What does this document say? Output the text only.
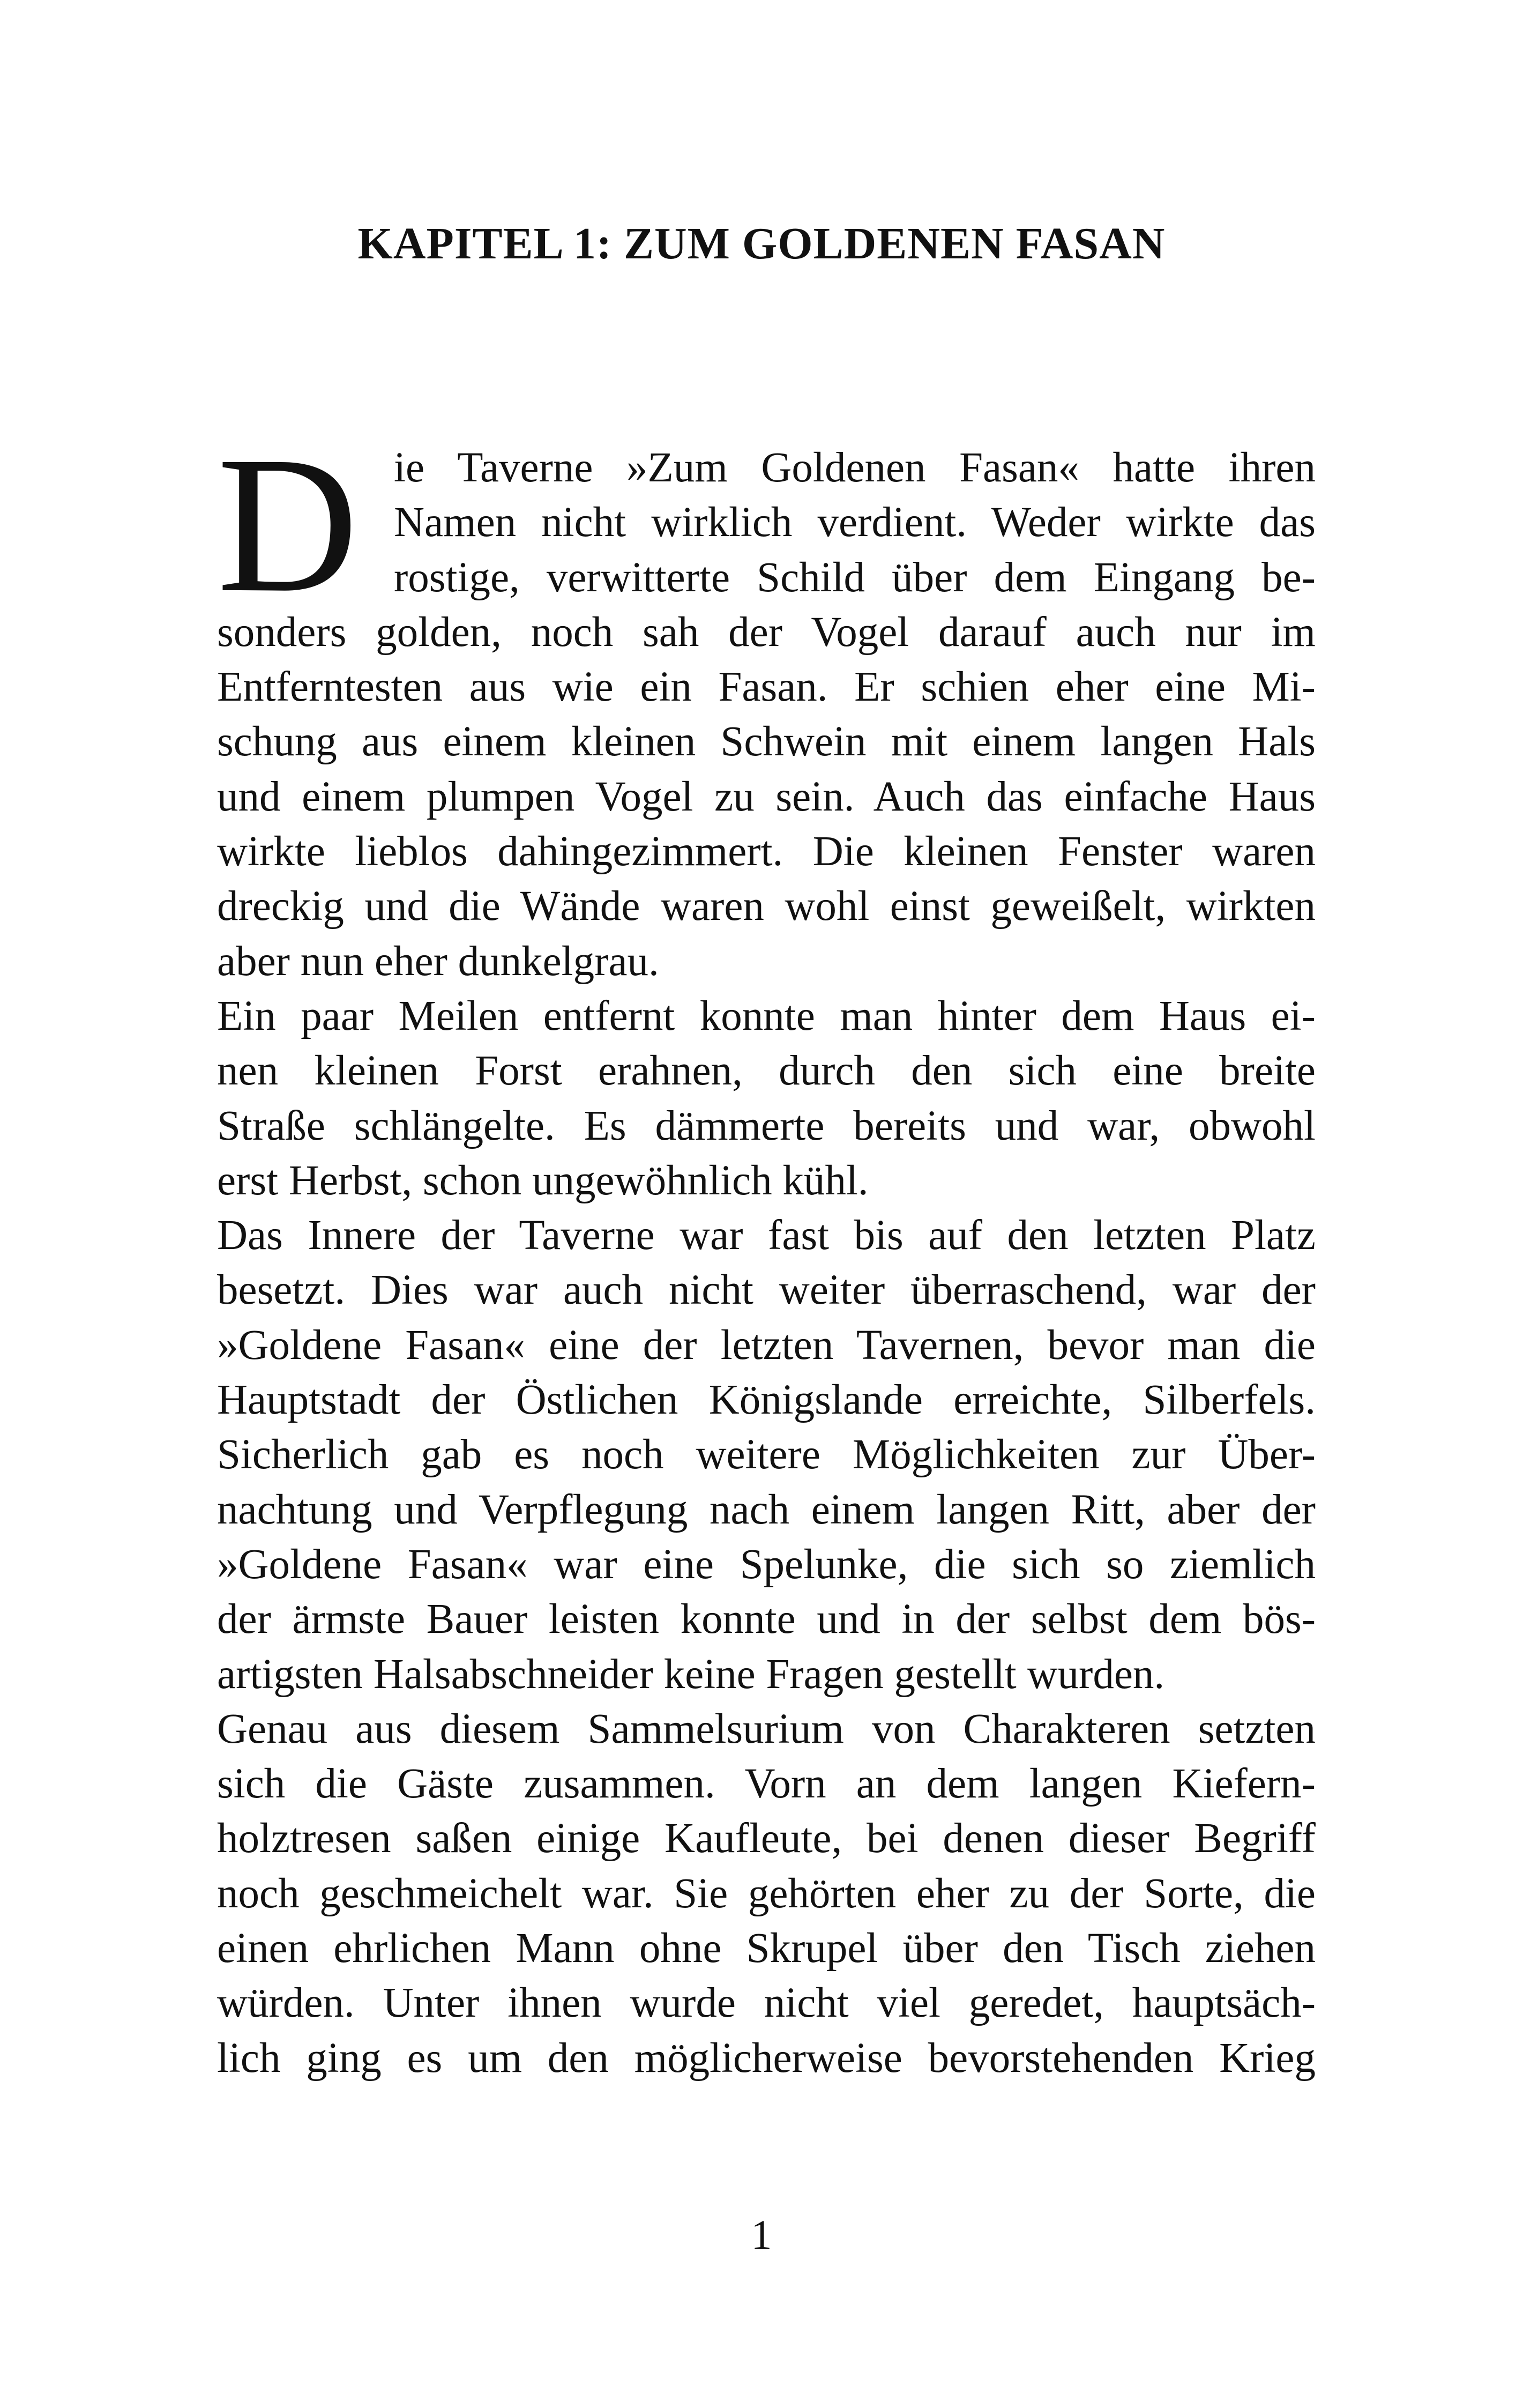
KAPITEL 1: ZUM GOLDENEN FASAN
D ie Taverne »Zum Goldenen Fasan« hatte ihren
Namen nicht wirklich verdient. Weder wirkte das
rostige, verwitterte Schild über dem Eingang be-
sonders golden, noch sah der Vogel darauf auch nur im
Entferntesten aus wie ein Fasan. Er schien eher eine Mi-
schung aus einem kleinen Schwein mit einem langen Hals
und einem plumpen Vogel zu sein. Auch das einfache Haus
wirkte lieblos dahingezimmert. Die kleinen Fenster waren
dreckig und die Wände waren wohl einst geweißelt, wirkten
aber nun eher dunkelgrau.
Ein paar Meilen entfernt konnte man hinter dem Haus ei-
nen kleinen Forst erahnen, durch den sich eine breite
Straße schlängelte. Es dämmerte bereits und war, obwohl
erst Herbst, schon ungewöhnlich kühl.
Das Innere der Taverne war fast bis auf den letzten Platz
besetzt. Dies war auch nicht weiter überraschend, war der
»Goldene Fasan« eine der letzten Tavernen, bevor man die
Hauptstadt der Östlichen Königslande erreichte, Silberfels.
Sicherlich gab es noch weitere Möglichkeiten zur Über-
nachtung und Verpflegung nach einem langen Ritt, aber der
»Goldene Fasan« war eine Spelunke, die sich so ziemlich
der ärmste Bauer leisten konnte und in der selbst dem bös-
artigsten Halsabschneider keine Fragen gestellt wurden.
Genau aus diesem Sammelsurium von Charakteren setzten
sich die Gäste zusammen. Vorn an dem langen Kiefern-
holztresen saßen einige Kaufleute, bei denen dieser Begriff
noch geschmeichelt war. Sie gehörten eher zu der Sorte, die
einen ehrlichen Mann ohne Skrupel über den Tisch ziehen
würden. Unter ihnen wurde nicht viel geredet, hauptsäch-
lich ging es um den möglicherweise bevorstehenden Krieg
1
